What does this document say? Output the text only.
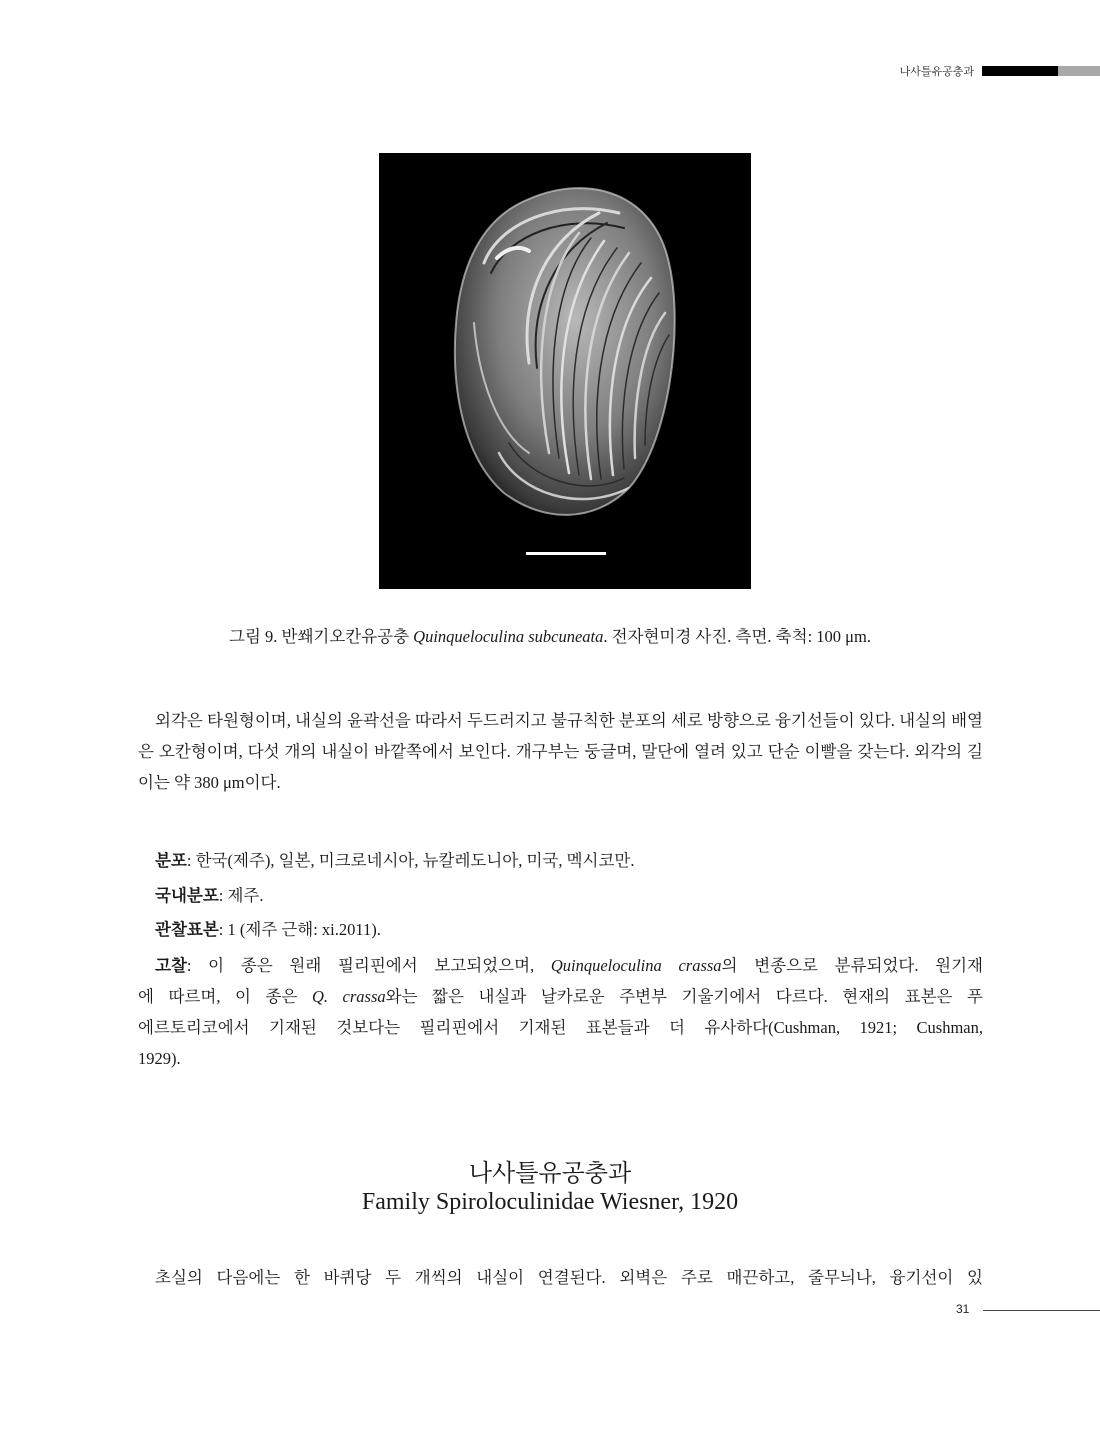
나사틀유공충과
그림 9. 반쐐기오칸유공충 Quinqueloculina subcuneata. 전자현미경 사진. 측면. 축척: 100 μm.
외각은 타원형이며, 내실의 윤곽선을 따라서 두드러지고 불규칙한 분포의 세로 방향으로 융기선들이 있다. 내실의 배열은 오칸형이며, 다섯 개의 내실이 바깥쪽에서 보인다. 개구부는 둥글며, 말단에 열려 있고 단순 이빨을 갖는다. 외각의 길이는 약 380 μm이다.
분포: 한국(제주), 일본, 미크로네시아, 뉴칼레도니아, 미국, 멕시코만.
국내분포: 제주.
관찰표본: 1 (제주 근해: xi.2011).
고찰: 이 종은 원래 필리핀에서 보고되었으며, Quinqueloculina crassa의 변종으로 분류되었다. 원기재
에 따르며, 이 종은 Q. crassa와는 짧은 내실과 날카로운 주변부 기울기에서 다르다. 현재의 표본은 푸
에르토리코에서 기재된 것보다는 필리핀에서 기재된 표본들과 더 유사하다(Cushman, 1921; Cushman,
1929).
나사틀유공충과
Family Spiroloculinidae Wiesner, 1920
초실의 다음에는 한 바퀴당 두 개씩의 내실이 연결된다. 외벽은 주로 매끈하고, 줄무늬나, 융기선이 있
31
